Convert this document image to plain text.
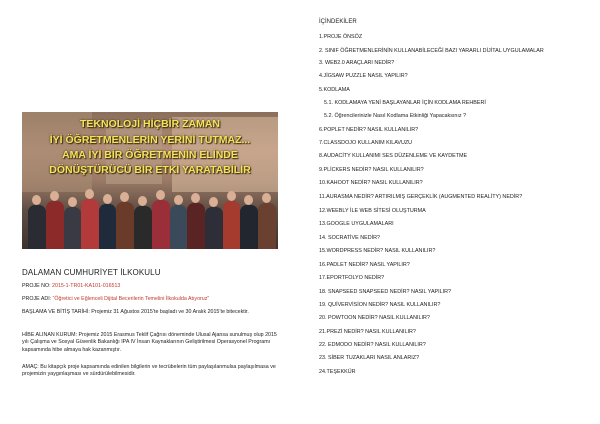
TEKNOLOJİ HİÇBİR ZAMAN
İYİ ÖĞRETMENLERİN YERİNİ TUTMAZ...
AMA İYİ BİR ÖĞRETMENİN ELİNDE
DÖNÜŞTÜRÜCÜ BİR ETKİ YARATABİLİR
DALAMAN CUMHURİYET İLKOKULU
PROJE NO: 2015-1-TR01-KA101-016513
PROJE ADI: “Öğretici ve Eğlenceli Dijital Becerilerin Temelini İlkokulda Atıyoruz”
BAŞLAMA VE BİTİŞ TARİHİ: Projemiz 31 Ağustos 2015’te başladı ve 30 Aralık 2015’te bitecektir.
HİBE ALINAN KURUM: Projemiz 2015 Erasmus Teklif Çağrısı döneminde Ulusal Ajansa sunulmuş olup 2015 yılı Çalışma ve Sosyal Güvenlik Bakanlığı IPA IV İnsan Kaynaklarının Geliştirilmesi Operasyonel Programı kapsamında hibe almaya hak kazanmıştır.
AMAÇ: Bu kitapçık proje kapsamında edinilen bilgilerin ve tecrübelerin tüm paylaşılanmulsa paylaşılmasa ve projemizin yaygınlaşması ve sürdürülebilmesidir.
İÇİNDEKİLER
1.PROJE ÖNSÖZ
2. SINIF ÖĞRETMENLERİNİN KULLANABİLECEĞİ BAZI YARARLI DİJİTAL UYGULAMALAR
3. WEB2.0 ARAÇLARI NEDİR?
4.JİGSAW PUZZLE NASIL YAPILIR?
5.KODLAMA
5.1. KODLAMAYA YENİ BAŞLAYANLAR İÇİN KODLAMA REHBERİ
5.2. Öğrencilerinizle Nasıl Kodlama Etkinliği Yapacaksınız ?
6.POPLET NEDİR? NASIL KULLANILIR?
7.CLASSDOJO KULLANIM KILAVUZU
8.AUDACİTY KULLANIMI SES DÜZENLEME VE KAYDETME
9.PLİCKERS NEDİR? NASIL KULLANILIR?
10.KAHOOT NEDİR? NASIL KULLANILIR?
11.AURASMA NEDİR? ARTIRILMIŞ GERÇEKLİK (AUGMENTED REALİTY) NEDİR?
12.WEEBLY İLE WEB SİTESİ OLUŞTURMA
13.GOOGLE UYGULAMALARI
14. SOCRATİVE NEDİR?
15.WORDPRESS NEDİR? NASIL KULLANILIR?
16.PADLET NEDİR? NASIL YAPILIR?
17.EPORTFOLYO NEDİR?
18. SNAPSEED SNAPSEED NEDİR? NASIL YAPILIR?
19. QUİVERVİSİON NEDİR? NASIL KULLANILIR?
20. POWTOON NEDİR? NASIL KULLANILIR?
21.PREZİ NEDİR? NASIL KULLANILIR?
22. EDMODO NEDİR? NASIL KULLANILIR?
23. SİBER TUZAKLARI NASIL ANLARIZ?
24.TEŞEKKÜR
